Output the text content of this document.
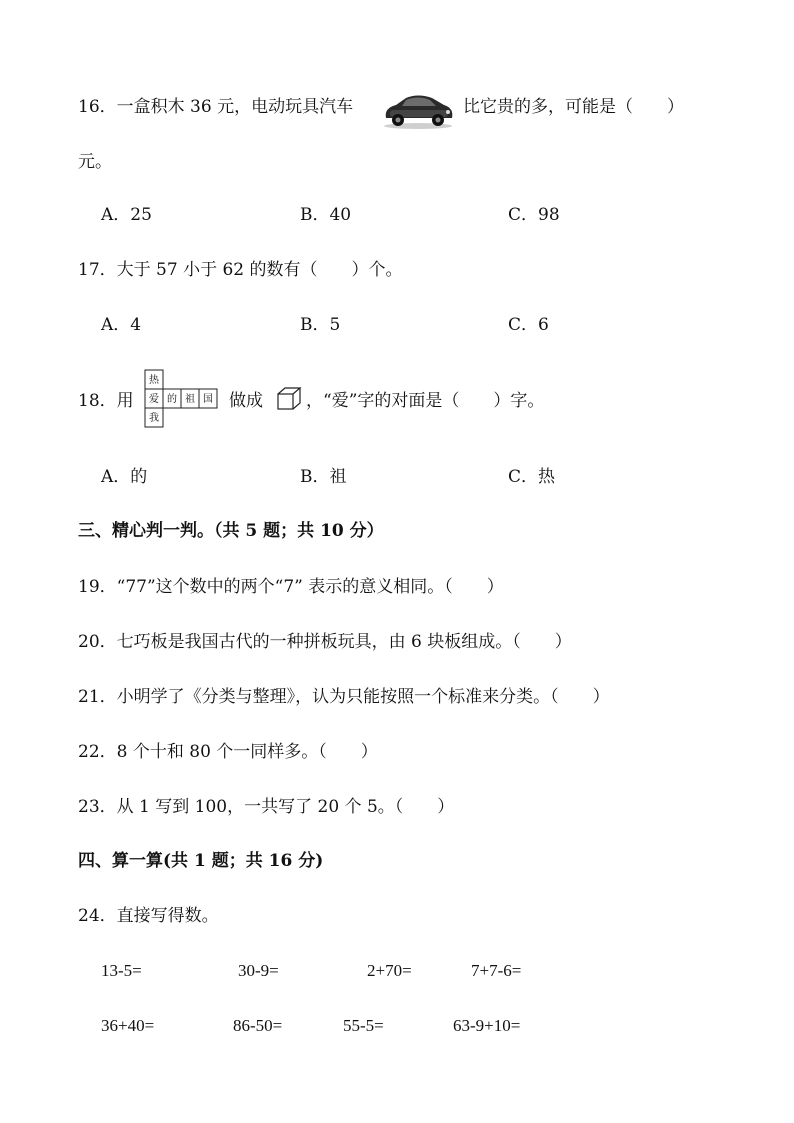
16．一盒积木 36 元，电动玩具汽车	比它贵的多，可能是（　　）
元。
A．25	B．40	C．98
17．大于 57 小于 62 的数有（　　）个。
A．4	B．5	C．6
18．用
热
爱 的 祖 国
我
做成	，“爱”字的对面是（　　）字。
A．的	B．祖	C．热
三、精心判一判。（共 5 题；共 10 分）
19．“77”这个数中的两个“7” 表示的意义相同。（　　）
20．七巧板是我国古代的一种拼板玩具，由 6 块板组成。（　　）
21．小明学了《分类与整理》，认为只能按照一个标准来分类。（　　）
22．8 个十和 80 个一同样多。（　　）
23．从 1 写到 100，一共写了 20 个 5。（　　）
四、算一算(共 1 题；共 16 分)
24．直接写得数。
13-5=	30-9=	2+70=	7+7-6=
36+40=	86-50=	55-5=	63-9+10=
